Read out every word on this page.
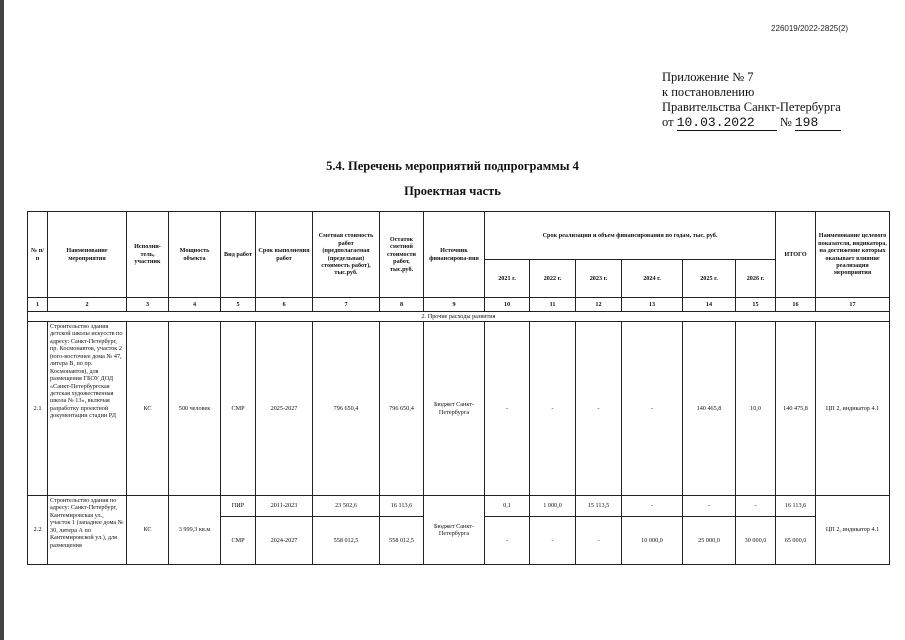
226019/2022-2825(2)
Приложение № 7
к постановлению
Правительства Санкт-Петербурга
от 10.03.2022 № 198
5.4. Перечень мероприятий подпрограммы 4
Проектная часть
№ п/п	Наименование мероприятия	Исполни-тель, участник	Мощность объекта	Вид работ	Срок выполнения работ	Сметная стоимость работ (предполагаемая (предельная) стоимость работ), тыс.руб.	Остаток сметной стоимости работ, тыс.руб.	Источник финансирова-ния	Срок реализации и объем финансирования по годам, тыс. руб.						ИТОГО	Наименование целевого показателя, индикатора, на достижение которых оказывает влияние реализация мероприятия
									2021 г.	2022 г.	2023 г.	2024 г.	2025 г.	2026 г.		
1	2	3	4	5	6	7	8	9	10	11	12	13	14	15	16	17
2. Прочие расходы развития																
2.1	Строительство здания детской школы искусств по адресу: Санкт-Петербург, пр. Космонавтов, участок 2 (юго-восточнее дома № 47, литера В, по пр. Космонавтов), для размещения ГБОУ ДОД «Санкт-Петербургская детская художественная школа № 13», включая разработку проектной документации стадии РД	КС	500 человек	СМР	2025-2027	796 650,4	796 650,4	Бюджет Санкт-Петербурга	-	-	-	-	140 465,8	10,0	140 475,8	ЦП 2, индикатор 4.1
2.2	Строительство здания по адресу: Санкт-Петербург, Кантемировская ул., участок 1 (западнее дома № 30, литера А по Кантемировской ул.), для размещения	КС	3 999,3 кв.м	ПИР	2011-2023	23 502,6	16 113,6	Бюджет Санкт-Петербурга	0,1	1 000,0	15 113,5	-	-	-	16 113,6	ЦП 2, индикатор 4.1
				СМР	2024-2027	558 012,5	558 012,5		-	-	-	10 000,0	25 000,0	30 000,0	65 000,0	
